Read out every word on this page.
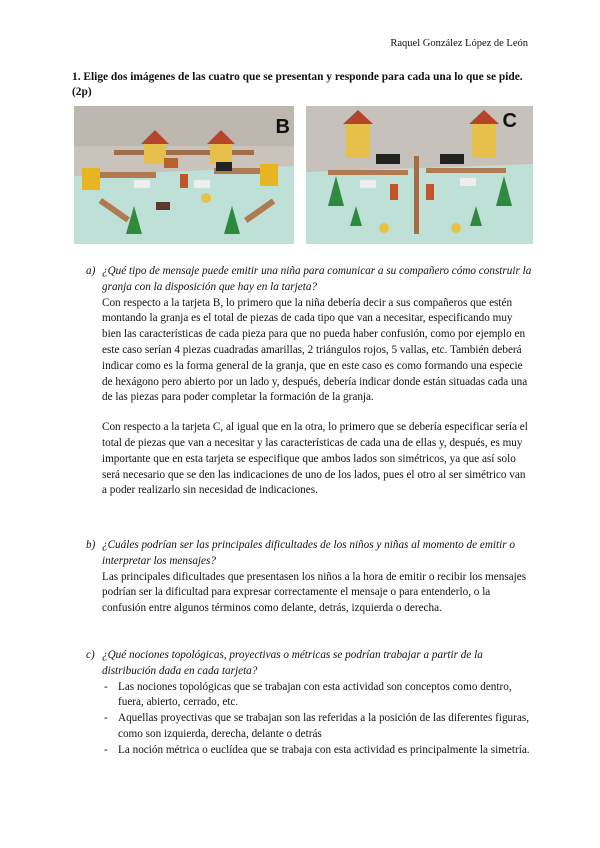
Raquel González López de León
1. Elige dos imágenes de las cuatro que se presentan y responde para cada una lo que se pide. (2p)
B	C
a) ¿Qué tipo de mensaje puede emitir una niña para comunicar a su compañero cómo construir la granja con la disposición que hay en la tarjeta?

Con respecto a la tarjeta B, lo primero que la niña debería decir a sus compañeros que estén montando la granja es el total de piezas de cada tipo que van a necesitar, especificando muy bien las características de cada pieza para que no pueda haber confusión, como por ejemplo en este caso serían 4 piezas cuadradas amarillas, 2 triángulos rojos, 5 vallas, etc. También deberá indicar como es la forma general de la granja, que en este caso es como formando una especie de hexágono pero abierto por un lado y, después, debería indicar donde están situadas cada una de las piezas para poder completar la formación de la granja.

Con respecto a la tarjeta C, al igual que en la otra, lo primero que se debería especificar sería el total de piezas que van a necesitar y las características de cada una de ellas y, después, es muy importante que en esta tarjeta se especifique que ambos lados son simétricos, ya que así solo será necesario que se den las indicaciones de uno de los lados, pues el otro al ser simétrico van a poder realizarlo sin necesidad de indicaciones.

b) ¿Cuáles podrían ser las principales dificultades de los niños y niñas al momento de emitir o interpretar los mensajes?

Las principales dificultades que presentasen los niños a la hora de emitir o recibir los mensajes podrían ser la dificultad para expresar correctamente el mensaje o para entenderlo, o la confusión entre algunos términos como delante, detrás, izquierda o derecha.

c) ¿Qué nociones topológicas, proyectivas o métricas se podrían trabajar a partir de la distribución dada en cada tarjeta?
- Las nociones topológicas que se trabajan con esta actividad son conceptos como dentro, fuera, abierto, cerrado, etc.
- Aquellas proyectivas que se trabajan son las referidas a la posición de las diferentes figuras, como son izquierda, derecha, delante o detrás
- La noción métrica o euclídea que se trabaja con esta actividad es principalmente la simetría.
